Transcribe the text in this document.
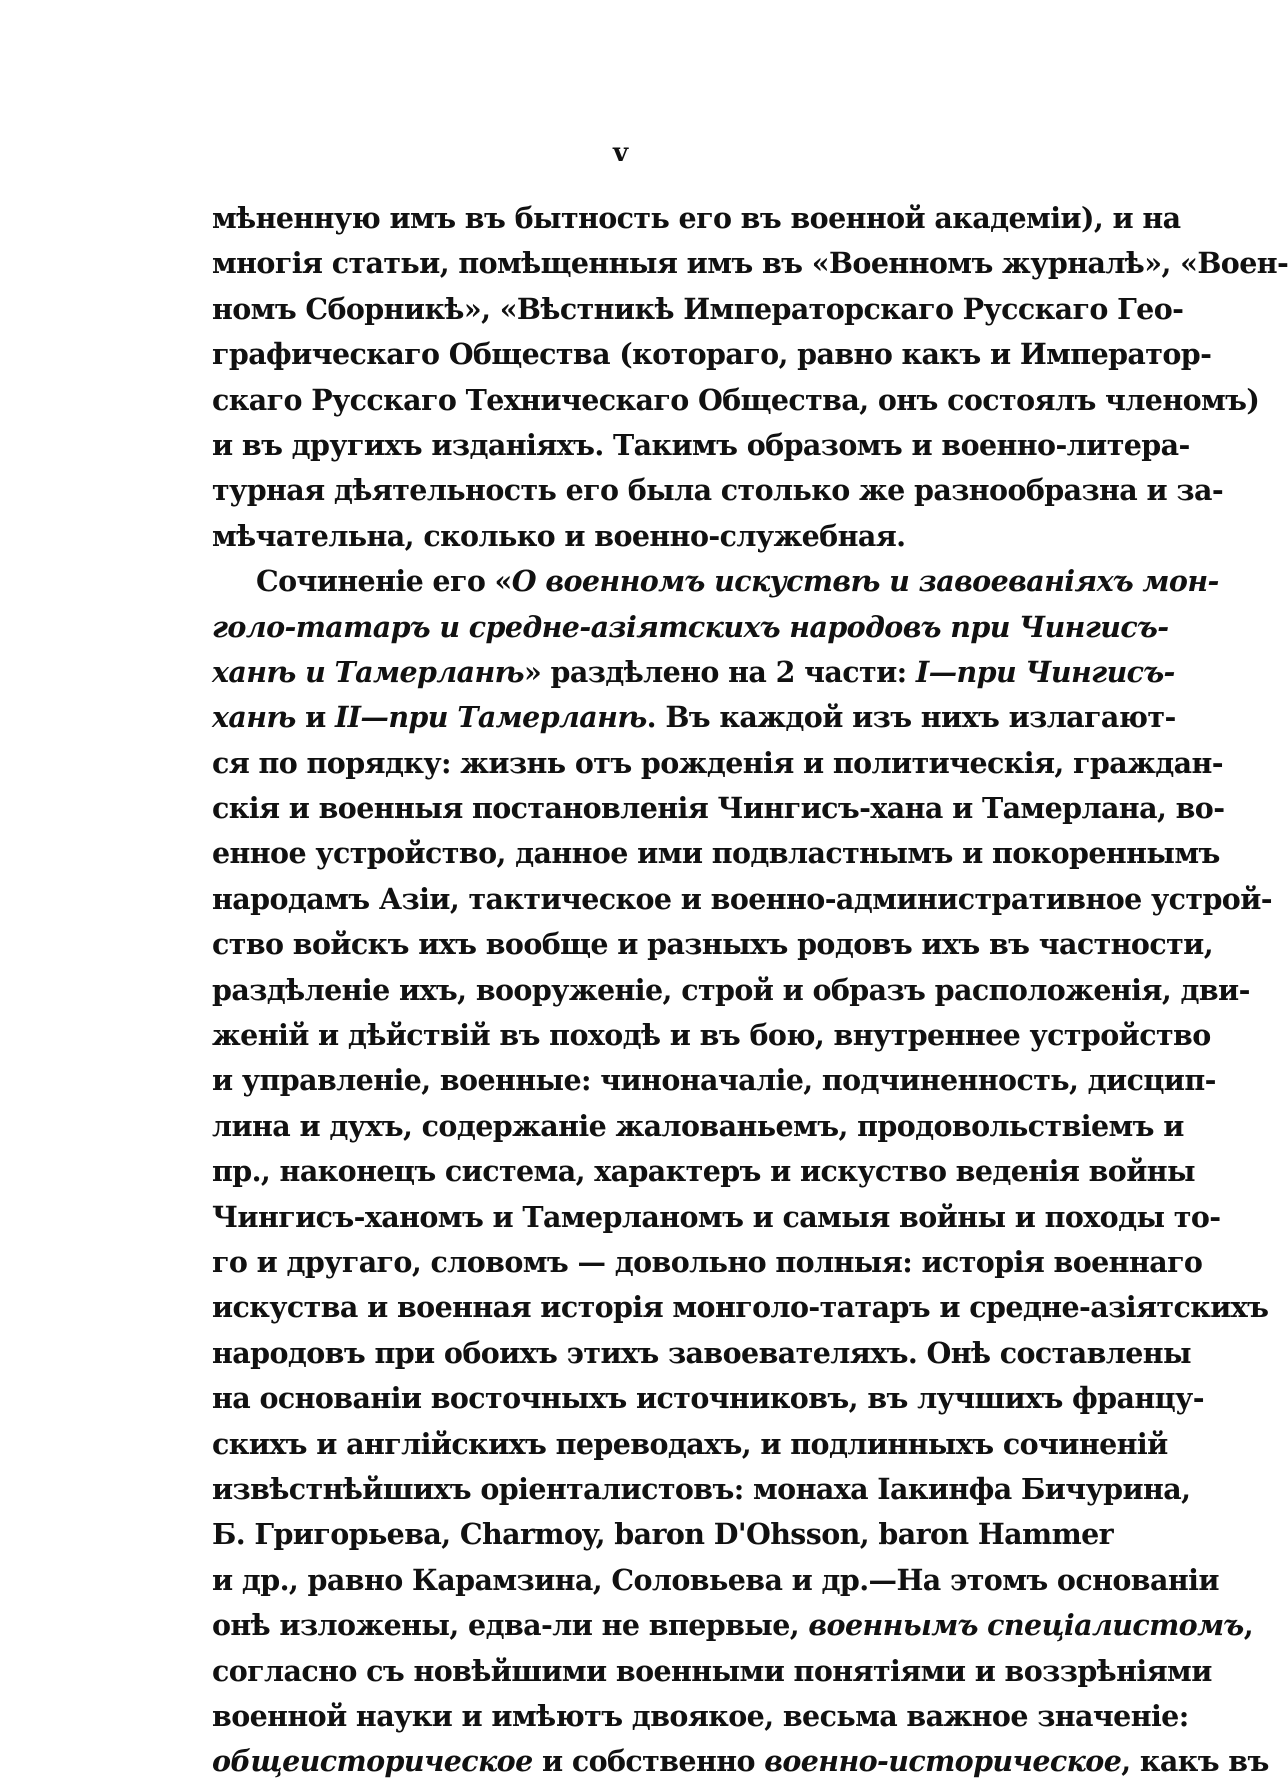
v
мѣненную имъ въ бытность его въ военной академіи), и на
многія статьи, помѣщенныя имъ въ «Военномъ журналѣ», «Воен-
номъ Сборникѣ», «Вѣстникѣ Императорскаго Русскаго Гео-
графическаго Общества (котораго, равно какъ и Император-
скаго Русскаго Техническаго Общества, онъ состоялъ членомъ)
и въ другихъ изданіяхъ. Такимъ образомъ и военно-литера-
турная дѣятельность его была столько же разнообразна и за-
мѣчательна, сколько и военно-служебная.
Сочиненіе его «О военномъ искуствѣ и завоеваніяхъ мон-
голо-татаръ и средне-азіятскихъ народовъ при Чингисъ-
ханѣ и Тамерланѣ» раздѣлено на 2 части: I—при Чингисъ-
ханѣ и II—при Тамерланѣ. Въ каждой изъ нихъ излагают-
ся по порядку: жизнь отъ рожденія и политическія, граждан-
скія и военныя постановленія Чингисъ-хана и Тамерлана, во-
енное устройство, данное ими подвластнымъ и покореннымъ
народамъ Азіи, тактическое и военно-административное устрой-
ство войскъ ихъ вообще и разныхъ родовъ ихъ въ частности,
раздѣленіе ихъ, вооруженіе, строй и образъ расположенія, дви-
женій и дѣйствій въ походѣ и въ бою, внутреннее устройство
и управленіе, военные: чиноначаліе, подчиненность, дисцип-
лина и духъ, содержаніе жалованьемъ, продовольствіемъ и
пр., наконецъ система, характеръ и искуство веденія войны
Чингисъ-ханомъ и Тамерланомъ и самыя войны и походы то-
го и другаго, словомъ — довольно полныя: исторія военнаго
искуства и военная исторія монголо-татаръ и средне-азіятскихъ
народовъ при обоихъ этихъ завоевателяхъ. Онѣ составлены
на основаніи восточныхъ источниковъ, въ лучшихъ францу-
скихъ и англійскихъ переводахъ, и подлинныхъ сочиненій
извѣстнѣйшихъ оріенталистовъ: монаха Іакинфа Бичурина,
Б. Григорьева, Charmoy, baron D'Ohsson, baron Hammer
и др., равно Карамзина, Соловьева и др.—На этомъ основаніи
онѣ изложены, едва-ли не впервые, военнымъ спеціалистомъ,
согласно съ новѣйшими военными понятіями и воззрѣніями
военной науки и имѣютъ двоякое, весьма важное значеніе:
общеисторическое и собственно военно-историческое, какъ въ
